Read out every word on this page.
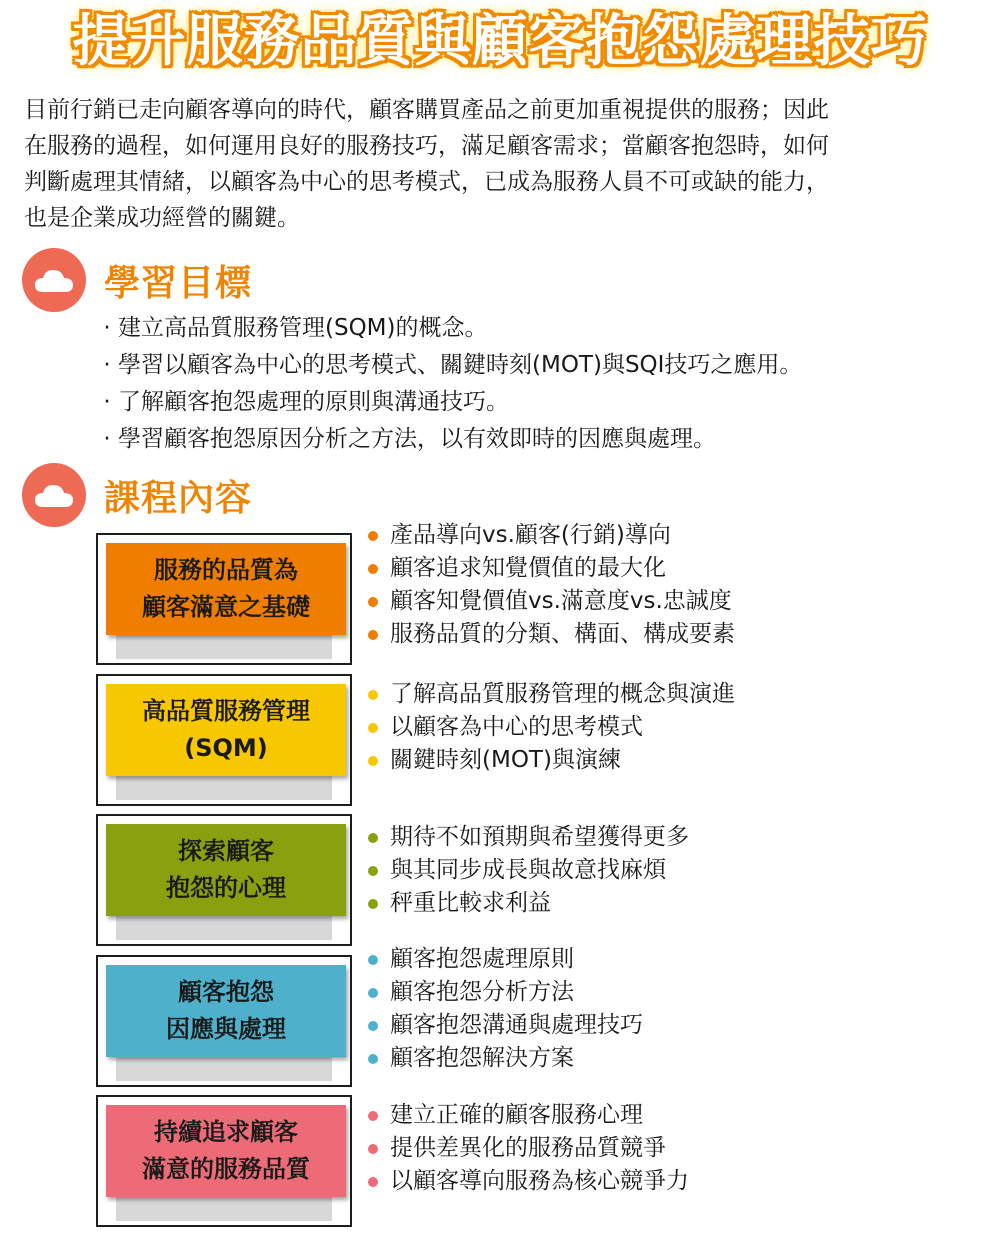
提升服務品質與顧客抱怨處理技巧

目前行銷已走向顧客導向的時代，顧客購買產品之前更加重視提供的服務；因此
在服務的過程，如何運用良好的服務技巧，滿足顧客需求；當顧客抱怨時，如何
判斷處理其情緒，以顧客為中心的思考模式，已成為服務人員不可或缺的能力，
也是企業成功經營的關鍵。

學習目標
· 建立高品質服務管理(SQM)的概念。
· 學習以顧客為中心的思考模式、關鍵時刻(MOT)與SQI技巧之應用。
· 了解顧客抱怨處理的原則與溝通技巧。
· 學習顧客抱怨原因分析之方法，以有效即時的因應與處理。
課程內容
服務的品質為
顧客滿意之基礎
產品導向vs.顧客(行銷)導向
顧客追求知覺價值的最大化
顧客知覺價值vs.滿意度vs.忠誠度
服務品質的分類、構面、構成要素
高品質服務管理
(SQM)
了解高品質服務管理的概念與演進
以顧客為中心的思考模式
關鍵時刻(MOT)與演練
探索顧客
抱怨的心理
期待不如預期與希望獲得更多
與其同步成長與故意找麻煩
秤重比較求利益
顧客抱怨
因應與處理
顧客抱怨處理原則
顧客抱怨分析方法
顧客抱怨溝通與處理技巧
顧客抱怨解決方案
持續追求顧客
滿意的服務品質
建立正確的顧客服務心理
提供差異化的服務品質競爭
以顧客導向服務為核心競爭力
